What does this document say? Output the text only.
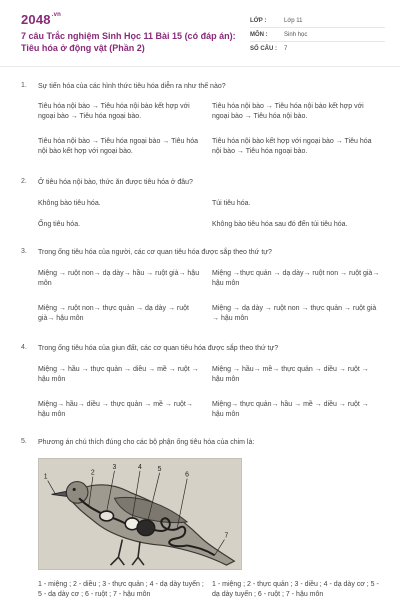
$2048^{.vn}$
7 câu Trắc nghiệm Sinh Học 11 Bài 15 (có đáp án): Tiêu hóa ở động vật (Phần 2)
LỚP :	Lớp 11
MÔN :	Sinh học
SỐ CÂU :	7
1. Sự tiến hóa của các hình thức tiêu hóa diễn ra như thế nào?
Tiêu hóa nội bào → Tiêu hóa nội bào kết hợp với ngoại bào → Tiêu hóa ngoại bào.
Tiêu hóa nội bào → Tiêu hóa nội bào kết hợp với ngoại bào → Tiêu hóa nội bào.
Tiêu hóa nội bào → Tiêu hóa ngoại bào → Tiêu hóa nội bào kết hợp với ngoại bào.
Tiêu hóa nội bào kết hợp với ngoại bào → Tiêu hóa nội bào → Tiêu hóa ngoại bào.
2. Ở tiêu hóa nội bào, thức ăn được tiêu hóa ở đâu?
Không bào tiêu hóa.	Túi tiêu hóa.
Ống tiêu hóa.	Không bào tiêu hóa sau đó đến túi tiêu hóa.
3. Trong ống tiêu hóa của người, các cơ quan tiêu hóa được sắp theo thứ tự?
Miệng → ruột non→ dạ dày→ hầu → ruột già→ hậu môn
Miệng →thực quản → dạ dày→ ruột non → ruột già→ hậu môn
Miệng → ruột non→ thực quản → dạ dày → ruột già→ hậu môn
Miệng → dạ dày → ruột non → thực quản → ruột già → hậu môn
4. Trong ống tiêu hóa của giun đất, các cơ quan tiêu hóa được sắp theo thứ tự?
Miệng → hầu → thực quản → diều → mề → ruột → hậu môn
Miệng → hầu→ mề→ thực quản → diều → ruột → hậu môn
Miệng→ hầu→ diều → thực quản → mề → ruột→ hậu môn
Miệng→ thực quản→ hầu → mề → diều → ruột → hậu môn
5. Phương án chú thích đúng cho các bộ phận ống tiêu hóa của chim là:
1 - miệng ; 2 - diều ; 3 - thực quản ; 4 - dạ dày tuyến ; 5 - dạ dày cơ ; 6 - ruột ; 7 - hậu môn
1 - miệng ; 2 - thực quản ; 3 - diều ; 4 - dạ dày cơ ; 5 - dạ dày tuyến ; 6 - ruột ; 7 - hậu môn
1
2
3	4 5
6
7
